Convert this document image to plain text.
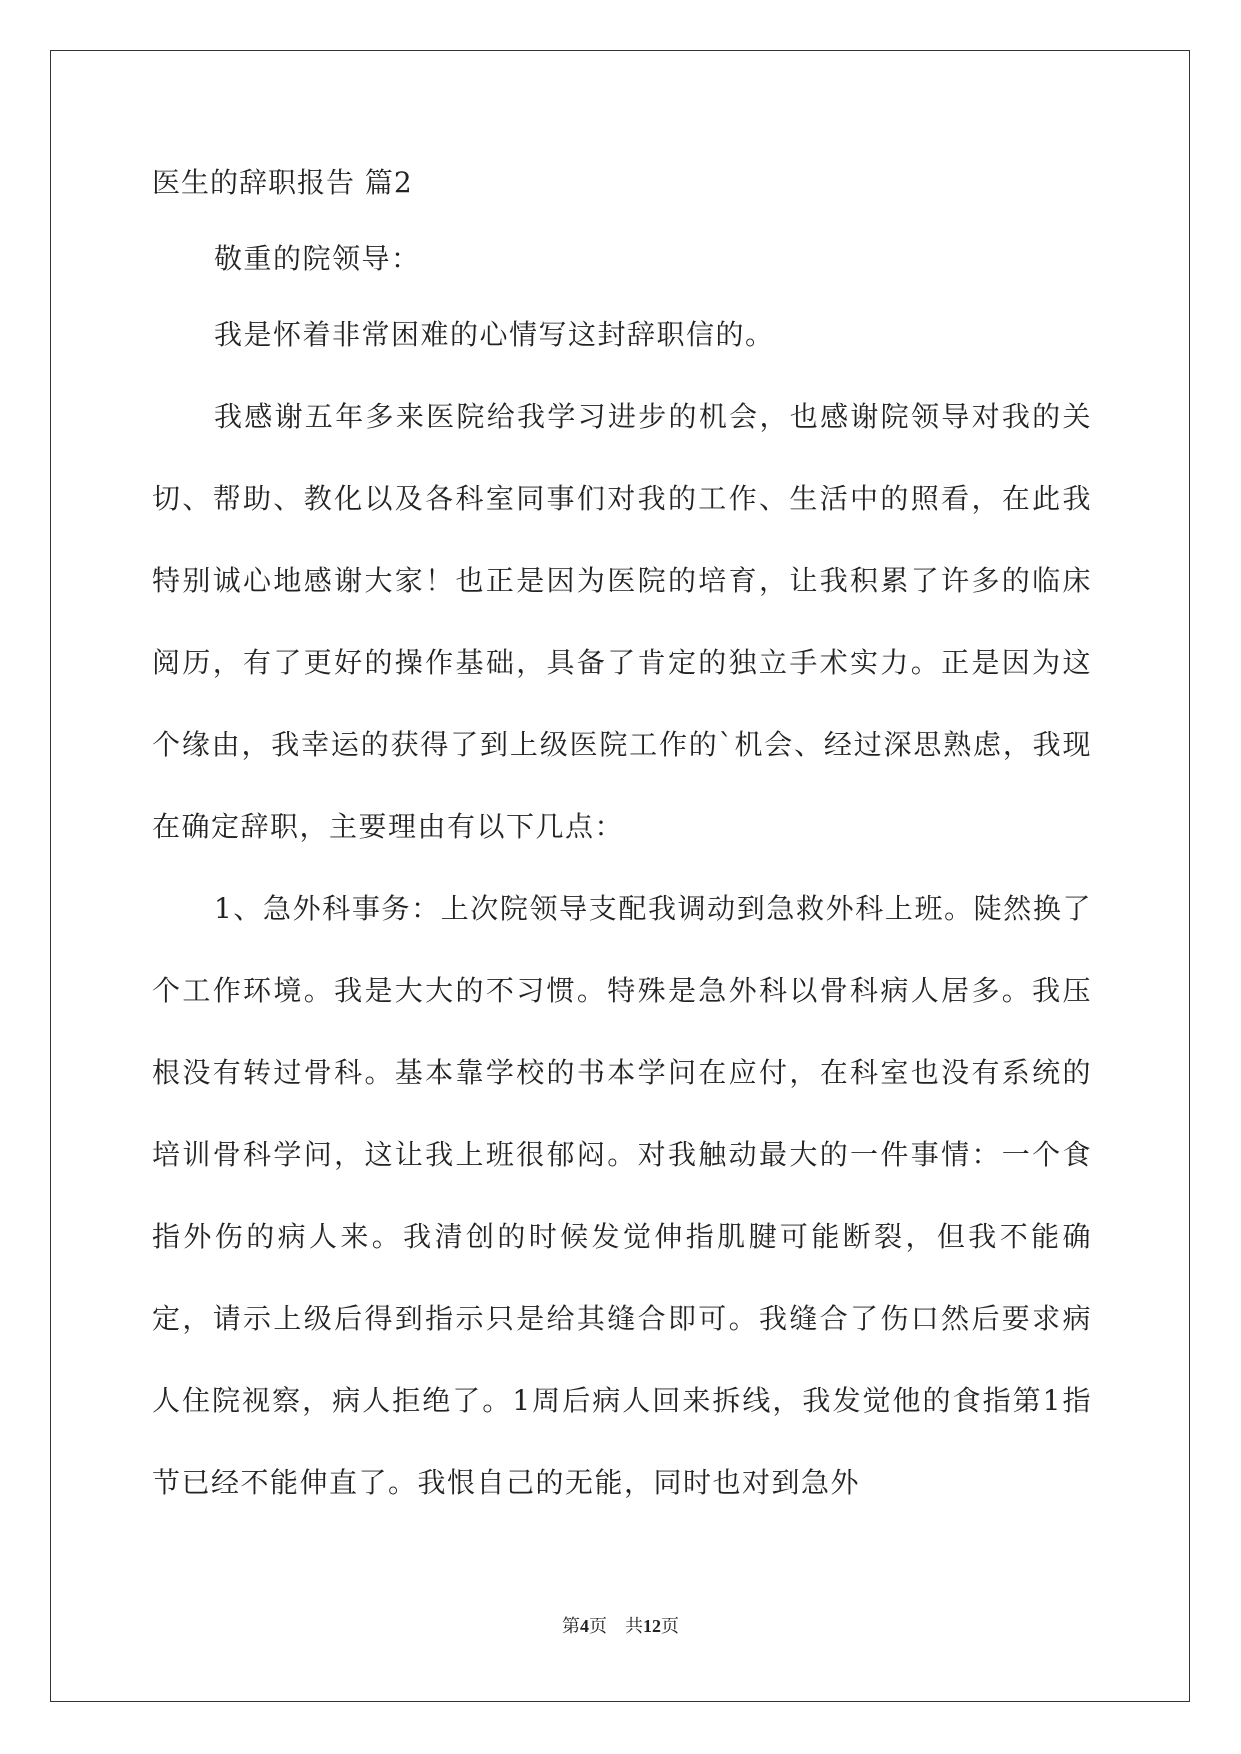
医生的辞职报告 篇2

敬重的院领导：

我是怀着非常困难的心情写这封辞职信的。

我感谢五年多来医院给我学习进步的机会，也感谢院领导对我的关切、帮助、教化以及各科室同事们对我的工作、生活中的照看，在此我特别诚心地感谢大家！也正是因为医院的培育，让我积累了许多的临床阅历，有了更好的操作基础，具备了肯定的独立手术实力。正是因为这个缘由，我幸运的获得了到上级医院工作的`机会、经过深思熟虑，我现在确定辞职，主要理由有以下几点：

1、急外科事务：上次院领导支配我调动到急救外科上班。陡然换了个工作环境。我是大大的不习惯。特殊是急外科以骨科病人居多。我压根没有转过骨科。基本靠学校的书本学问在应付，在科室也没有系统的培训骨科学问，这让我上班很郁闷。对我触动最大的一件事情：一个食指外伤的病人来。我清创的时候发觉伸指肌腱可能断裂，但我不能确定，请示上级后得到指示只是给其缝合即可。我缝合了伤口然后要求病人住院视察，病人拒绝了。1周后病人回来拆线，我发觉他的食指第1指节已经不能伸直了。我恨自己的无能，同时也对到急外

第4页 共12页
